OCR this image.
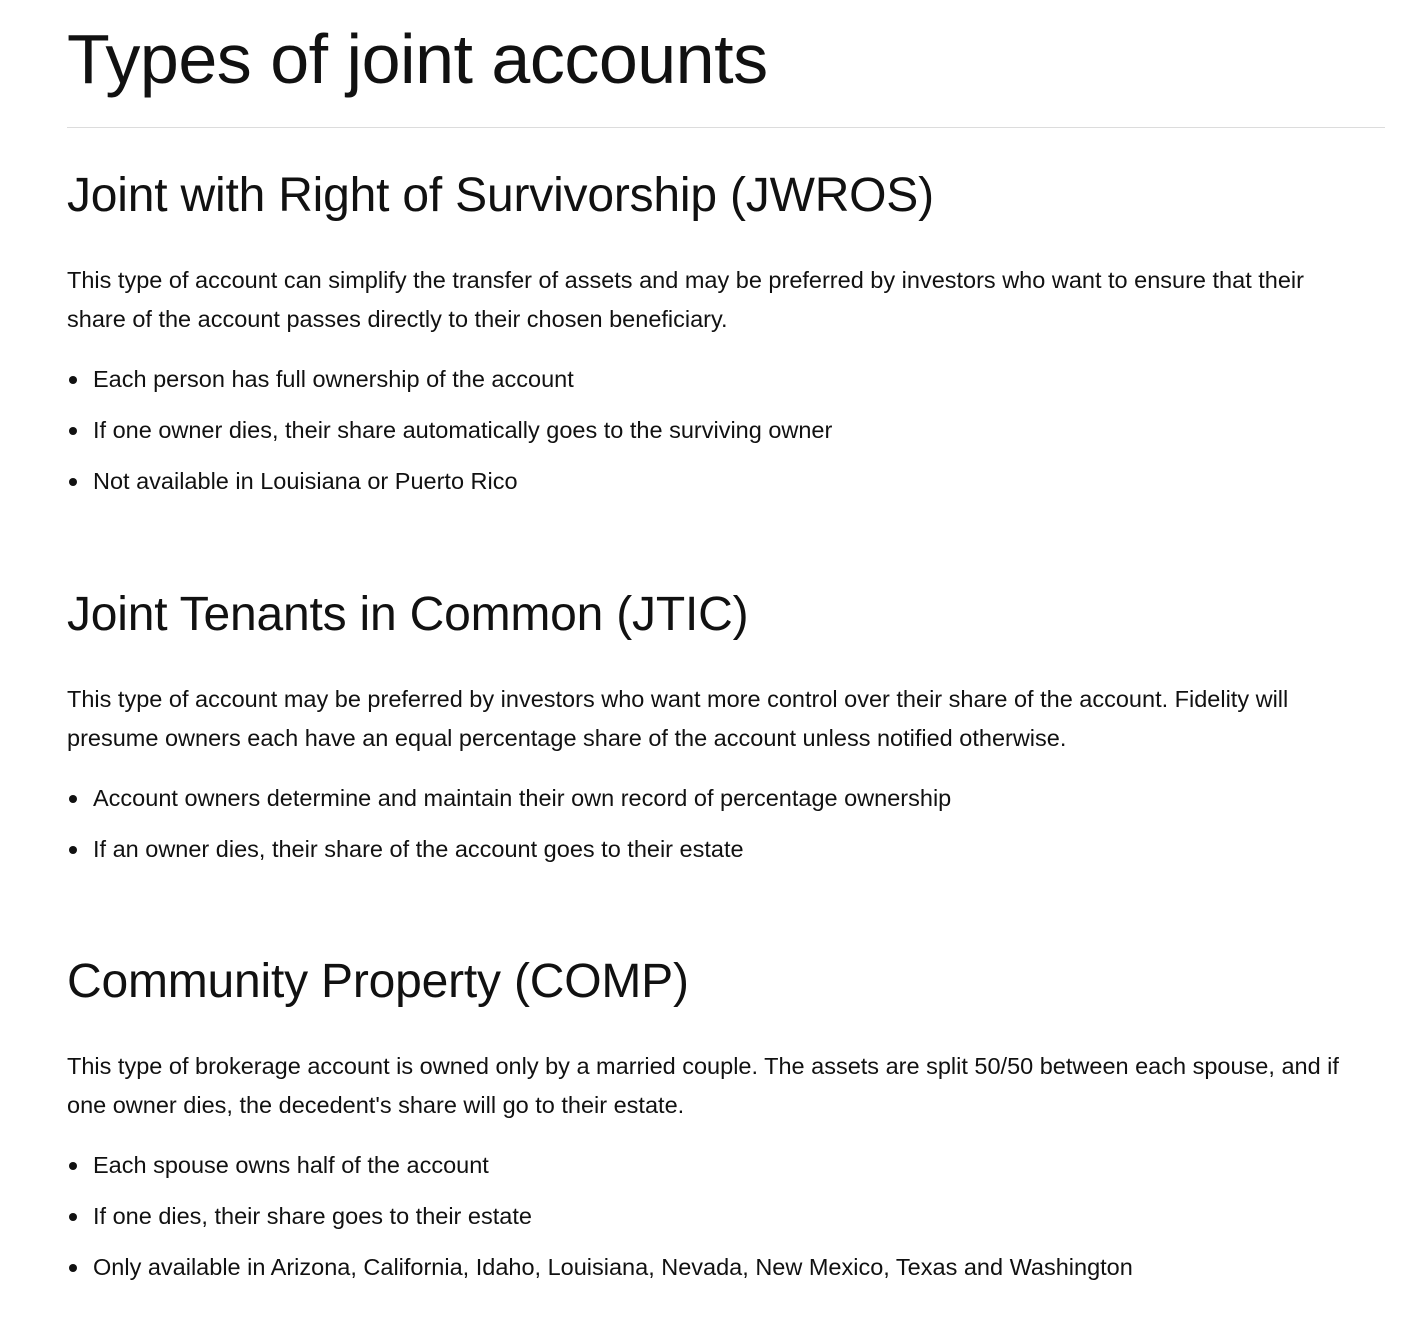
Types of joint accounts
Joint with Right of Survivorship (JWROS)

This type of account can simplify the transfer of assets and may be preferred by investors who want to ensure that their share of the account passes directly to their chosen beneficiary.

Each person has full ownership of the account
If one owner dies, their share automatically goes to the surviving owner
Not available in Louisiana or Puerto Rico
Joint Tenants in Common (JTIC)

This type of account may be preferred by investors who want more control over their share of the account. Fidelity will presume owners each have an equal percentage share of the account unless notified otherwise.

Account owners determine and maintain their own record of percentage ownership
If an owner dies, their share of the account goes to their estate
Community Property (COMP)

This type of brokerage account is owned only by a married couple. The assets are split 50/50 between each spouse, and if one owner dies, the decedent's share will go to their estate.

Each spouse owns half of the account
If one dies, their share goes to their estate
Only available in Arizona, California, Idaho, Louisiana, Nevada, New Mexico, Texas and Washington
